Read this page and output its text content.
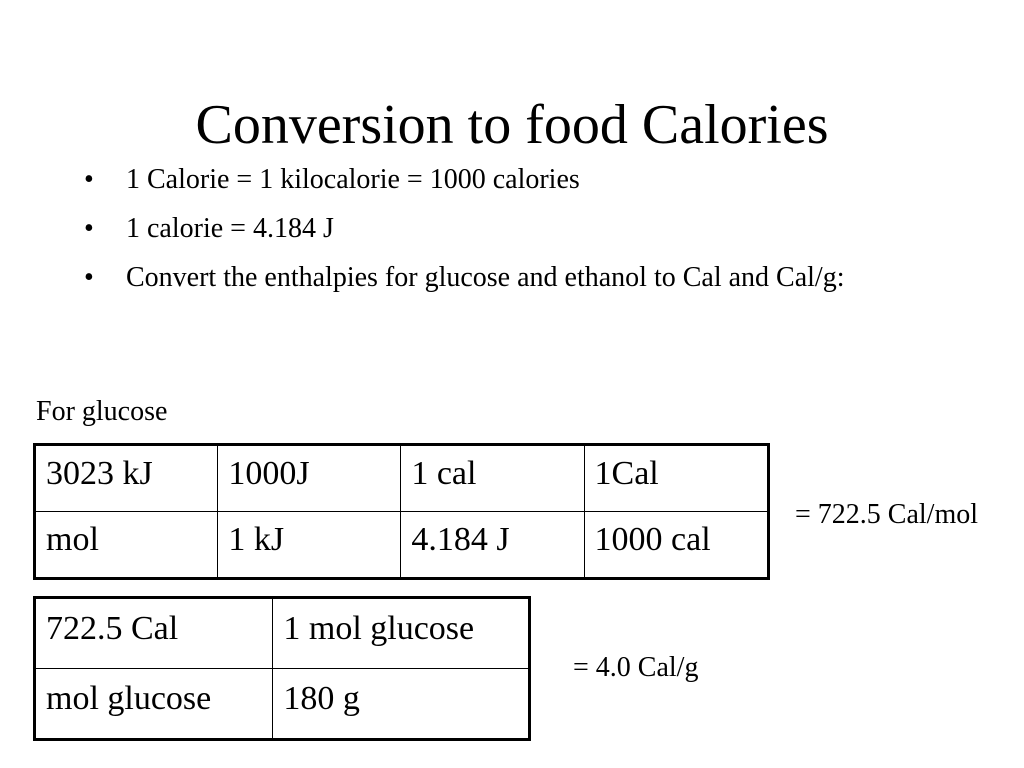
Conversion to food Calories
• 1 Calorie = 1 kilocalorie = 1000 calories
• 1 calorie = 4.184 J
• Convert the enthalpies for glucose and ethanol to Cal and Cal/g:
For glucose
3023 kJ	1000J	1 cal	1Cal
mol	1 kJ	4.184 J	1000 cal
= 722.5 Cal/mol
722.5 Cal	1 mol glucose
mol glucose	180 g
= 4.0 Cal/g
